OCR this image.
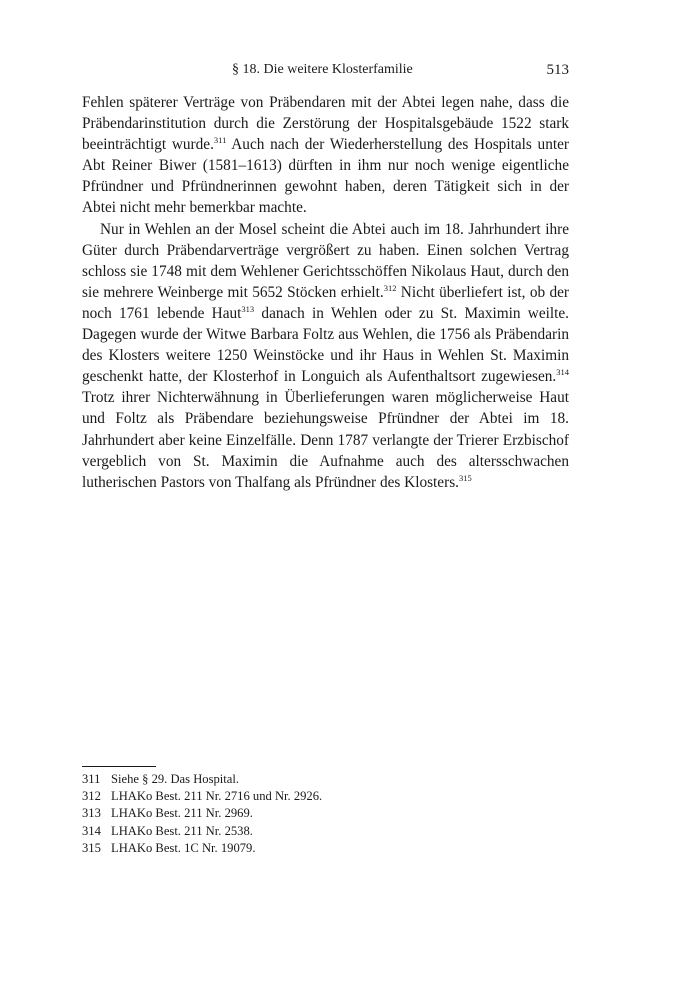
§ 18. Die weitere Klosterfamilie	513

Fehlen späterer Verträge von Präbendaren mit der Abtei legen nahe, dass die Präbendarinstitution durch die Zerstörung der Hospitalsgebäude 1522 stark beeinträchtigt wurde.$^{311}$ Auch nach der Wiederherstellung des Hospitals unter Abt Reiner Biwer (1581–1613) dürften in ihm nur noch wenige eigentliche Pfründner und Pfründnerinnen gewohnt haben, deren Tätigkeit sich in der Abtei nicht mehr bemerkbar machte.

Nur in Wehlen an der Mosel scheint die Abtei auch im 18. Jahrhundert ihre Güter durch Präbendarverträge vergrößert zu haben. Einen solchen Vertrag schloss sie 1748 mit dem Wehlener Gerichtsschöffen Nikolaus Haut, durch den sie mehrere Weinberge mit 5652 Stöcken erhielt.$^{312}$ Nicht überliefert ist, ob der noch 1761 lebende Haut$^{313}$ danach in Wehlen oder zu St. Maximin weilte. Dagegen wurde der Witwe Barbara Foltz aus Wehlen, die 1756 als Präbendarin des Klosters weitere 1250 Weinstöcke und ihr Haus in Wehlen St. Maximin geschenkt hatte, der Klosterhof in Longuich als Aufenthaltsort zugewiesen.$^{314}$ Trotz ihrer Nichterwähnung in Überlieferungen waren möglicherweise Haut und Foltz als Präbendare beziehungsweise Pfründner der Abtei im 18. Jahrhundert aber keine Einzelfälle. Denn 1787 verlangte der Trierer Erzbischof vergeblich von St. Maximin die Aufnahme auch des altersschwachen lutherischen Pastors von Thalfang als Pfründner des Klosters.$^{315}$

311 Siehe § 29. Das Hospital.
312 LHAKo Best. 211 Nr. 2716 und Nr. 2926.
313 LHAKo Best. 211 Nr. 2969.
314 LHAKo Best. 211 Nr. 2538.
315 LHAKo Best. 1C Nr. 19079.
